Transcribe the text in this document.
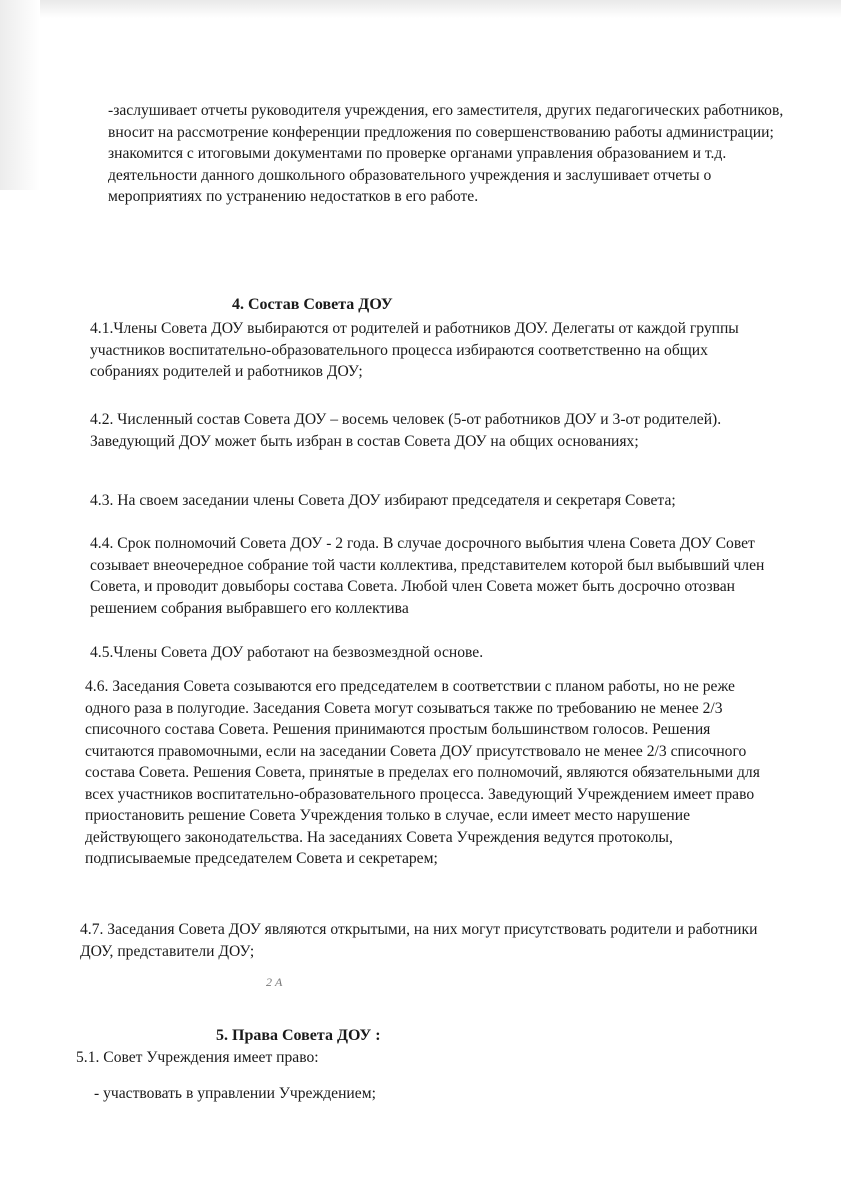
-заслушивает отчеты руководителя учреждения, его заместителя, других педагогических работников, вносит на рассмотрение конференции предложения по совершенствованию работы администрации; знакомится с итоговыми документами по проверке органами управления образованием и т.д. деятельности данного дошкольного образовательного учреждения и заслушивает отчеты о мероприятиях по устранению недостатков в его работе.

4. Состав Совета ДОУ

4.1.Члены Совета ДОУ выбираются от родителей и работников ДОУ. Делегаты от каждой группы участников воспитательно-образовательного процесса избираются соответственно на общих собраниях родителей и работников ДОУ;

4.2. Численный состав Совета ДОУ – восемь человек (5-от работников ДОУ и 3-от родителей). Заведующий ДОУ может быть избран в состав Совета ДОУ на общих основаниях;

4.3. На своем заседании члены Совета ДОУ избирают председателя и секретаря Совета;

4.4. Срок полномочий Совета ДОУ - 2 года. В случае досрочного выбытия члена Совета ДОУ Совет созывает внеочередное собрание той части коллектива, представителем которой был выбывший член Совета, и проводит довыборы состава Совета. Любой член Совета может быть досрочно отозван решением собрания выбравшего его коллектива

4.5.Члены Совета ДОУ работают на безвозмездной основе.

4.6. Заседания Совета созываются его председателем в соответствии с планом работы, но не реже одного раза в полугодие. Заседания Совета могут созываться также по требованию не менее 2/3 списочного состава Совета. Решения принимаются простым большинством голосов. Решения считаются правомочными, если на заседании Совета ДОУ присутствовало не менее 2/3 списочного состава Совета. Решения Совета, принятые в пределах его полномочий, являются обязательными для всех участников воспитательно-образовательного процесса. Заведующий Учреждением имеет право приостановить решение Совета Учреждения только в случае, если имеет место нарушение действующего законодательства. На заседаниях Совета Учреждения ведутся протоколы, подписываемые председателем Совета и секретарем;

4.7. Заседания Совета ДОУ являются открытыми, на них могут присутствовать родители и работники ДОУ, представители ДОУ;

2 А

5. Права Совета ДОУ :

5.1. Совет Учреждения имеет право:

- участвовать в управлении Учреждением;
